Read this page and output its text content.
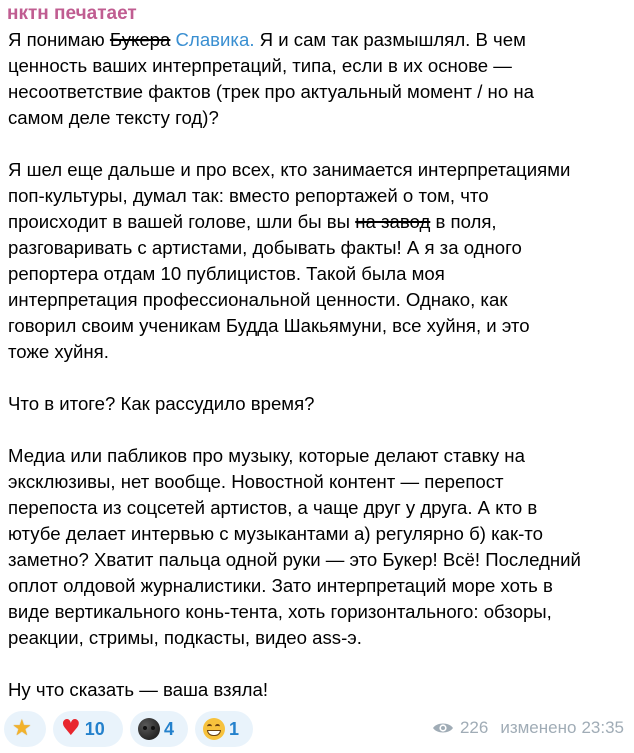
нктн печатает
Я понимаю Букера Славика. Я и сам так размышлял. В чем
ценность ваших интерпретаций, типа, если в их основе —
несоответствие фактов (трек про актуальный момент / но на
самом деле тексту год)?
Я шел еще дальше и про всех, кто занимается интерпретациями
поп-культуры, думал так: вместо репортажей о том, что
происходит в вашей голове, шли бы вы на завод в поля,
разговаривать с артистами, добывать факты! А я за одного
репортера отдам 10 публицистов. Такой была моя
интерпретация профессиональной ценности. Однако, как
говорил своим ученикам Будда Шакьямуни, все хуйня, и это
тоже хуйня.
Что в итоге? Как рассудило время?
Медиа или пабликов про музыку, которые делают ставку на
эксклюзивы, нет вообще. Новостной контент — перепост
перепоста из соцсетей артистов, а чаще друг у друга. А кто в
ютубе делает интервью с музыкантами а) регулярно б) как-то
заметно? Хватит пальца одной руки — это Букер! Всё! Последний
оплот олдовой журналистики. Зато интерпретаций море хоть в
виде вертикального конь-тента, хоть горизонтального: обзоры,
реакции, стримы, подкасты, видео ass-э.
Ну что сказать — ваша взяла!
★ ♥ 10	4	1	226 изменено 23:35
